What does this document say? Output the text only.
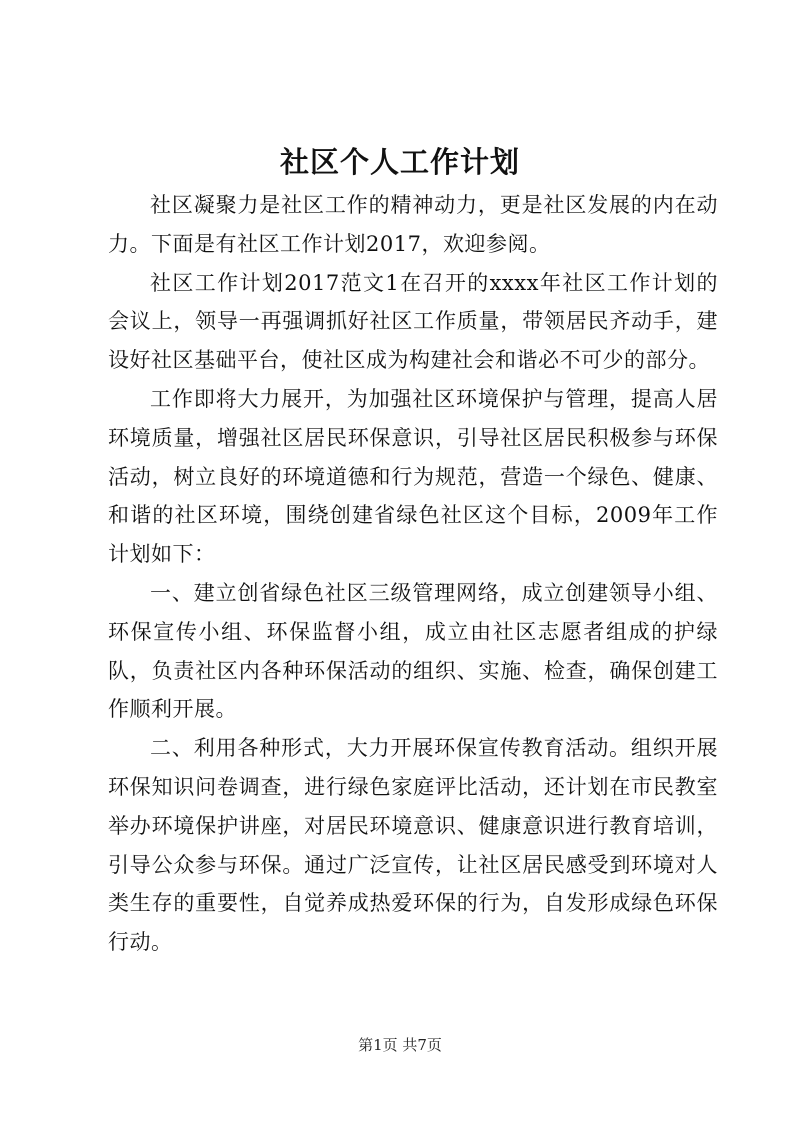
社区个人工作计划

社区凝聚力是社区工作的精神动力，更是社区发展的内在动力。下面是有社区工作计划2017，欢迎参阅。

社区工作计划2017范文1在召开的xxxx年社区工作计划的会议上，领导一再强调抓好社区工作质量，带领居民齐动手，建设好社区基础平台，使社区成为构建社会和谐必不可少的部分。

工作即将大力展开，为加强社区环境保护与管理，提高人居环境质量，增强社区居民环保意识，引导社区居民积极参与环保活动，树立良好的环境道德和行为规范，营造一个绿色、健康、和谐的社区环境，围绕创建省绿色社区这个目标，2009年工作计划如下：

一、建立创省绿色社区三级管理网络，成立创建领导小组、环保宣传小组、环保监督小组，成立由社区志愿者组成的护绿队，负责社区内各种环保活动的组织、实施、检查，确保创建工作顺利开展。

二、利用各种形式，大力开展环保宣传教育活动。组织开展环保知识问卷调查，进行绿色家庭评比活动，还计划在市民教室举办环境保护讲座，对居民环境意识、健康意识进行教育培训，引导公众参与环保。通过广泛宣传，让社区居民感受到环境对人类生存的重要性，自觉养成热爱环保的行为，自发形成绿色环保行动。

第1页 共7页
